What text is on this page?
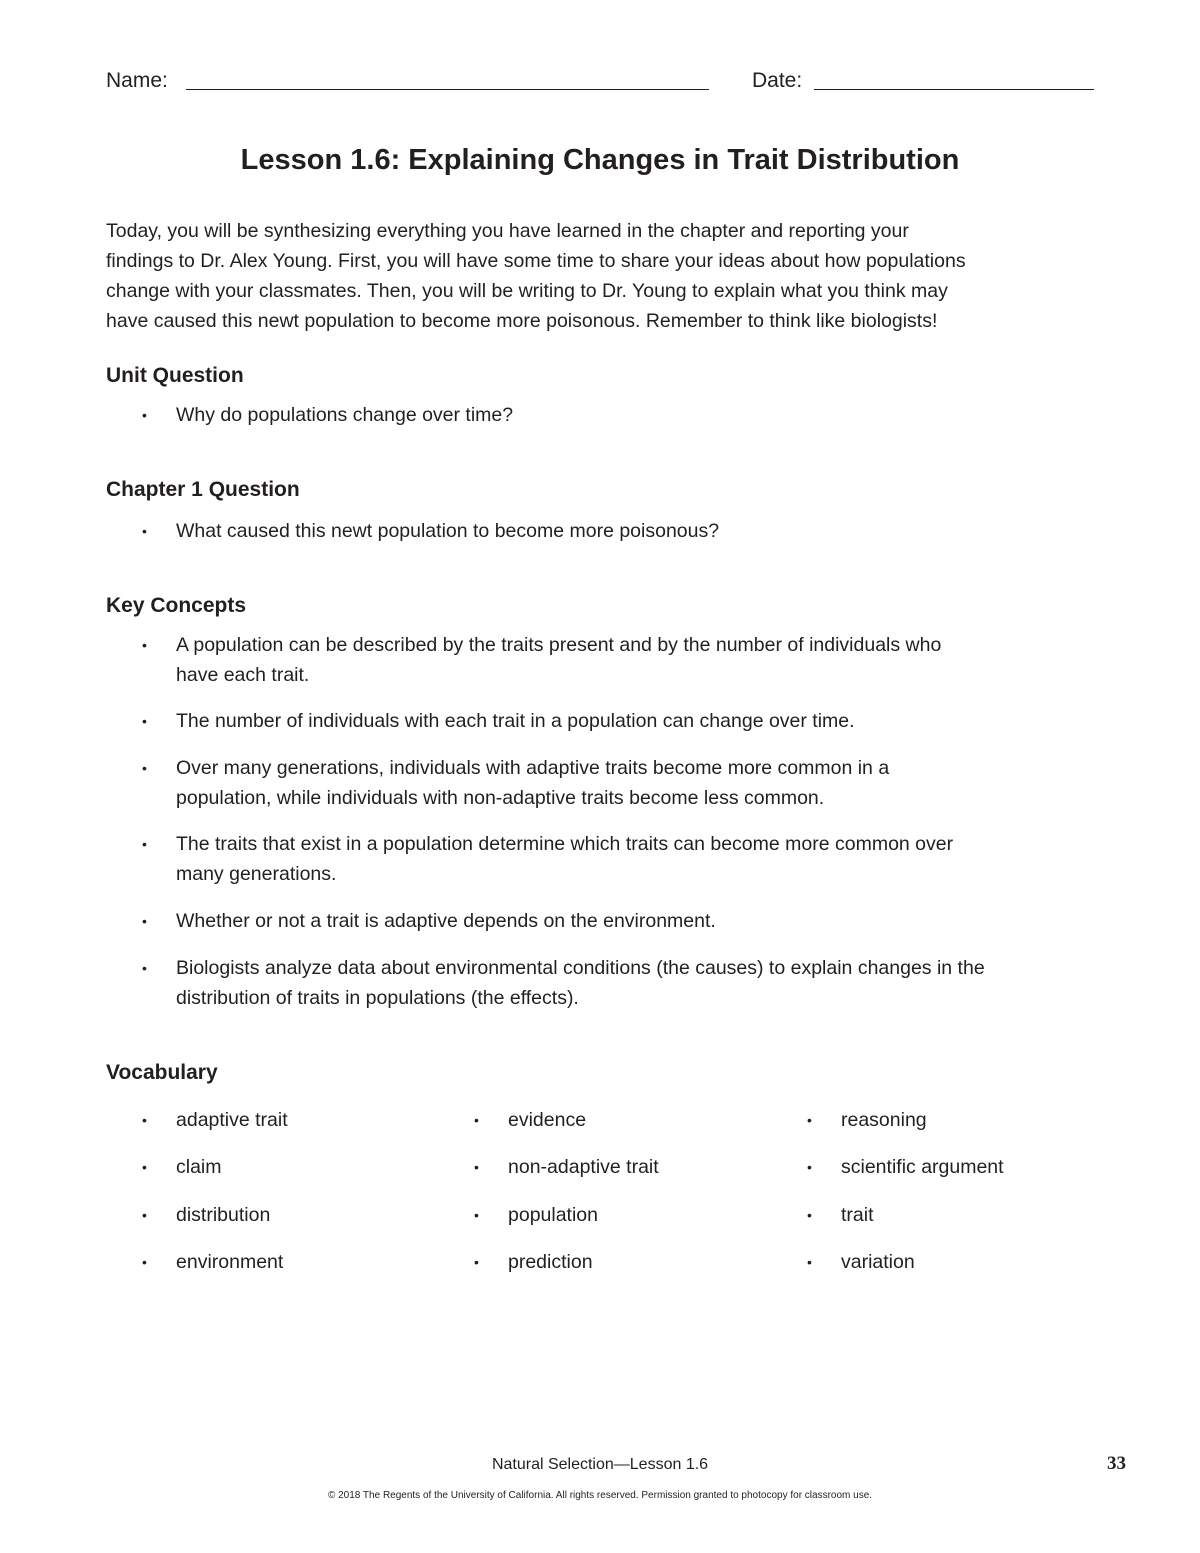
Name:	Date:
Lesson 1.6: Explaining Changes in Trait Distribution
Today, you will be synthesizing everything you have learned in the chapter and reporting your
findings to Dr. Alex Young. First, you will have some time to share your ideas about how populations
change with your classmates. Then, you will be writing to Dr. Young to explain what you think may
have caused this newt population to become more poisonous. Remember to think like biologists!
Unit Question
• Why do populations change over time?
Chapter 1 Question
• What caused this newt population to become more poisonous?
Key Concepts
• A population can be described by the traits present and by the number of individuals who
have each trait.
• The number of individuals with each trait in a population can change over time.
• Over many generations, individuals with adaptive traits become more common in a
population, while individuals with non-adaptive traits become less common.
• The traits that exist in a population determine which traits can become more common over
many generations.
• Whether or not a trait is adaptive depends on the environment.
• Biologists analyze data about environmental conditions (the causes) to explain changes in the
distribution of traits in populations (the effects).
Vocabulary
• adaptive trait
• claim
• distribution
• environment
• evidence
• non-adaptive trait
• population
• prediction
• reasoning
• scientific argument
• trait
• variation
Natural Selection—Lesson 1.6	33
© 2018 The Regents of the University of California. All rights reserved. Permission granted to photocopy for classroom use.
